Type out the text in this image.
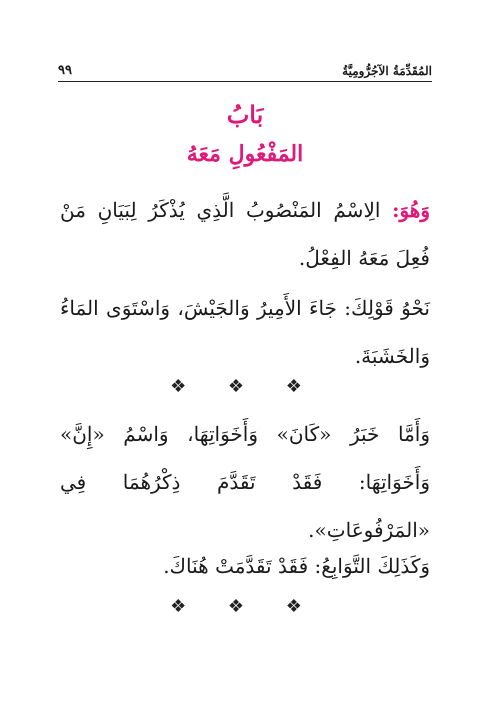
٩٩	المُقَدِّمَةُ الآجُرُّومِيَّةُ
بَابُ
المَفْعُولِ مَعَهُ
وَهُوَ: الِاسْمُ المَنْصُوبُ الَّذِي يُذْكَرُ لِبَيَانِ مَنْ فُعِلَ مَعَهُ الفِعْلُ.
نَحْوُ قَوْلِكَ: جَاءَ الأَمِيرُ وَالجَيْشَ، وَاسْتَوَى المَاءُ وَالخَشَبَةَ.
❖ ❖ ❖
وَأَمَّا خَبَرُ «كَانَ» وَأَخَوَاتِهَا، وَاسْمُ «إِنَّ» وَأَخَوَاتِهَا: فَقَدْ تَقَدَّمَ ذِكْرُهُمَا فِي «المَرْفُوعَاتِ».
وَكَذَلِكَ التَّوَابِعُ: فَقَدْ تَقَدَّمَتْ هُنَاكَ.
❖ ❖ ❖
